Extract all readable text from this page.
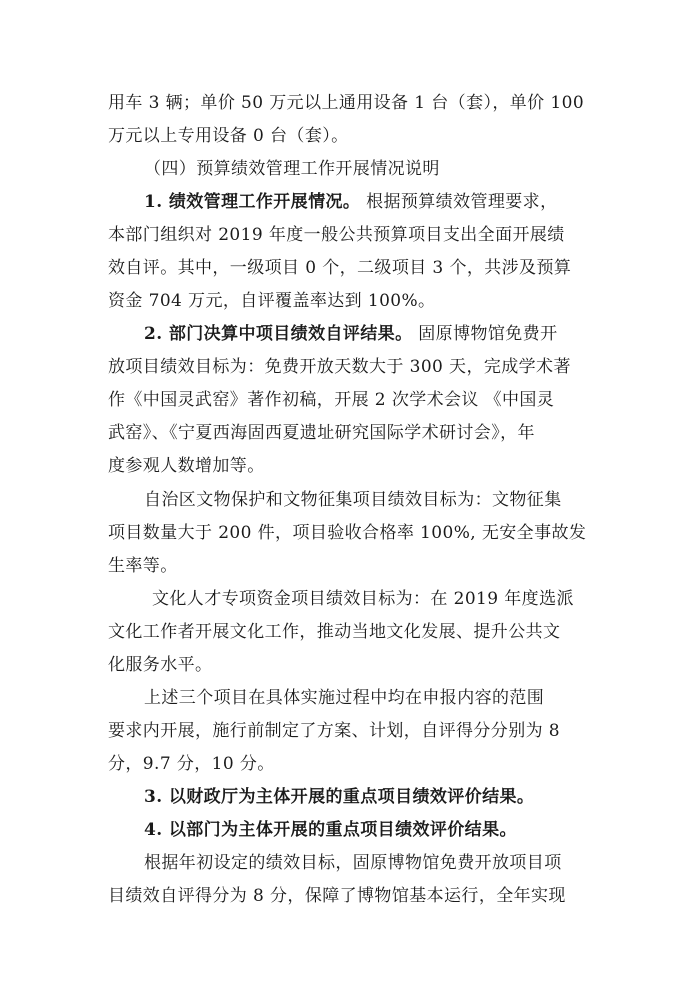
用车 3 辆；单价 50 万元以上通用设备 1 台（套），单价 100
万元以上专用设备 0 台（套）。
（四）预算绩效管理工作开展情况说明
1. 绩效管理工作开展情况。 根据预算绩效管理要求，
本部门组织对 2019 年度一般公共预算项目支出全面开展绩
效自评。其中，一级项目 0 个，二级项目 3 个，共涉及预算
资金 704 万元，自评覆盖率达到 100%。
2. 部门决算中项目绩效自评结果。 固原博物馆免费开
放项目绩效目标为：免费开放天数大于 300 天，完成学术著
作《中国灵武窑》著作初稿，开展 2 次学术会议 《中国灵
武窑》、《宁夏西海固西夏遗址研究国际学术研讨会》，年
度参观人数增加等。
自治区文物保护和文物征集项目绩效目标为：文物征集
项目数量大于 200 件，项目验收合格率 100%, 无安全事故发
生率等。
文化人才专项资金项目绩效目标为：在 2019 年度选派
文化工作者开展文化工作，推动当地文化发展、提升公共文
化服务水平。
上述三个项目在具体实施过程中均在申报内容的范围
要求内开展，施行前制定了方案、计划，自评得分分别为 8
分，9.7 分，10 分。
3. 以财政厅为主体开展的重点项目绩效评价结果。
4. 以部门为主体开展的重点项目绩效评价结果。
根据年初设定的绩效目标，固原博物馆免费开放项目项
目绩效自评得分为 8 分，保障了博物馆基本运行，全年实现
